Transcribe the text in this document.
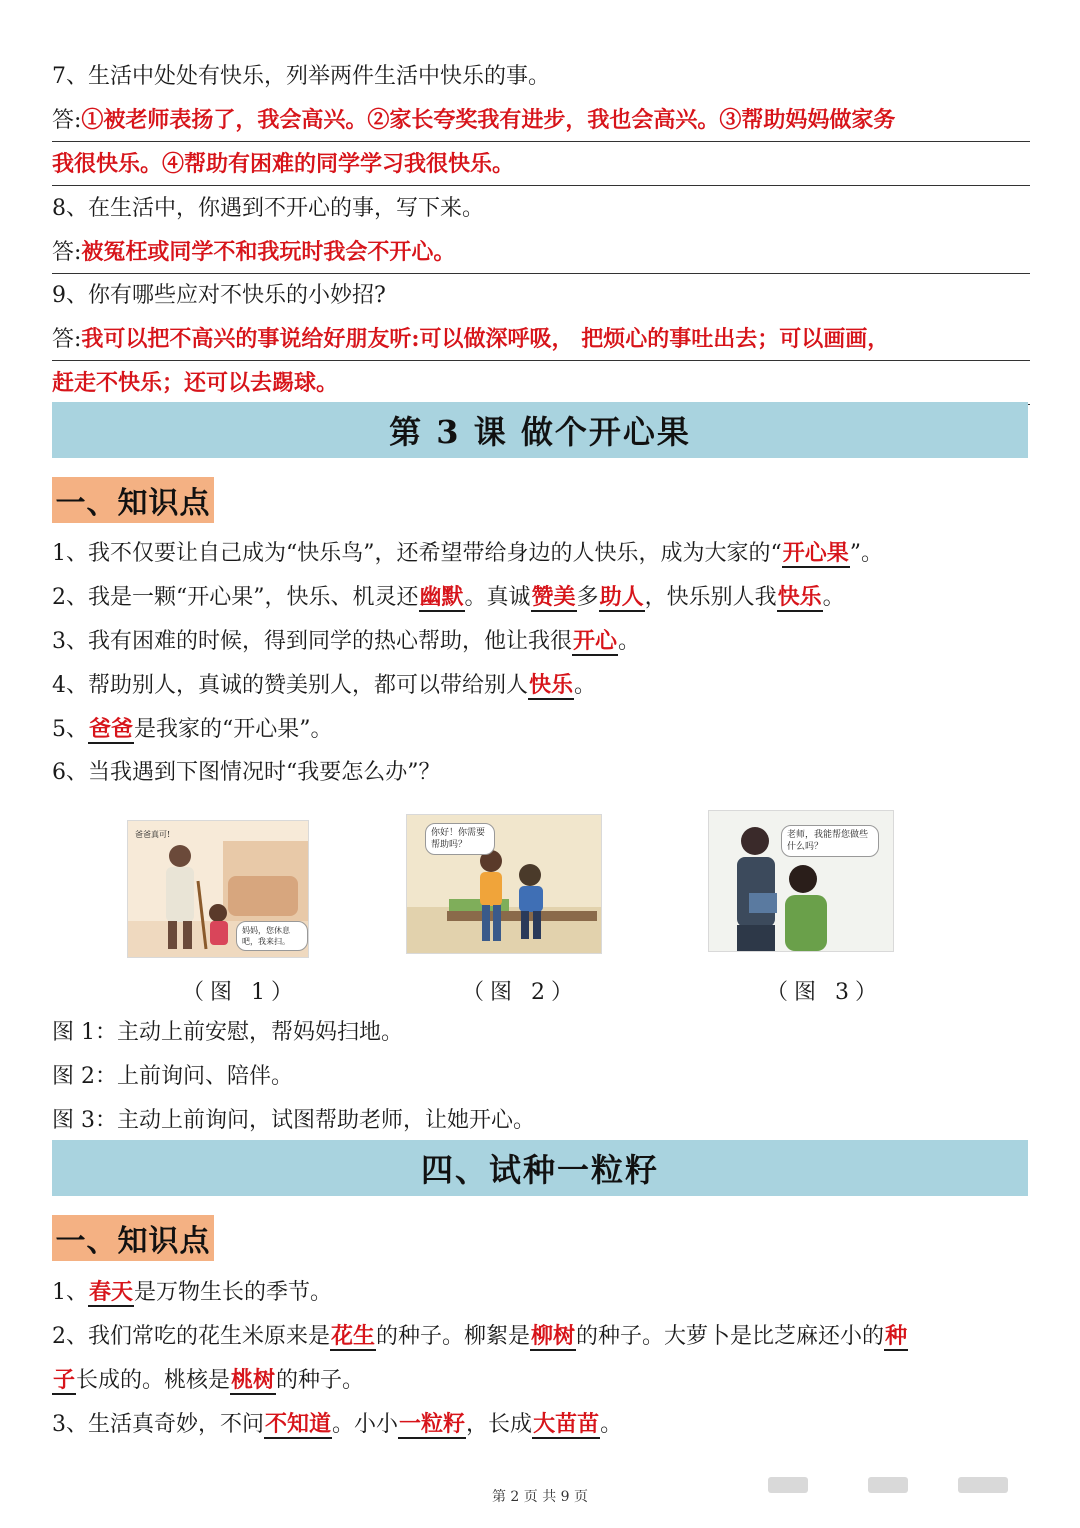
7、生活中处处有快乐，列举两件生活中快乐的事。
答:①被老师表扬了，我会高兴。②家长夸奖我有进步，我也会高兴。③帮助妈妈做家务
我很快乐。④帮助有困难的同学学习我很快乐。
8、在生活中，你遇到不开心的事，写下来。
答:被冤枉或同学不和我玩时我会不开心。
9、你有哪些应对不快乐的小妙招?
答:我可以把不高兴的事说给好朋友听:可以做深呼吸， 把烦心的事吐出去；可以画画，
赶走不快乐；还可以去踢球。
第 3 课 做个开心果
一、知识点
1、我不仅要让自己成为“快乐鸟”，还希望带给身边的人快乐，成为大家的“开心果”。
2、我是一颗“开心果”，快乐、机灵还幽默。真诚赞美多助人，快乐别人我快乐。
3、我有困难的时候，得到同学的热心帮助，他让我很开心。
4、帮助别人，真诚的赞美别人，都可以带给别人快乐。
5、爸爸是我家的“开心果”。
6、当我遇到下图情况时“我要怎么办”？
爸爸真可!
妈妈，您休息吧，我来扫。
你好！你需要帮助吗？
老师，我能帮您做些什么吗？
（图 1）	（图 2）	（图 3）
图 1：主动上前安慰，帮妈妈扫地。
图 2：上前询问、陪伴。
图 3：主动上前询问，试图帮助老师，让她开心。
四、试种一粒籽
一、知识点
1、春天是万物生长的季节。
2、我们常吃的花生米原来是花生的种子。柳絮是柳树的种子。大萝卜是比芝麻还小的种
子长成的。桃核是桃树的种子。
3、生活真奇妙，不问不知道。小小一粒籽，长成大苗苗。
第 2 页 共 9 页
